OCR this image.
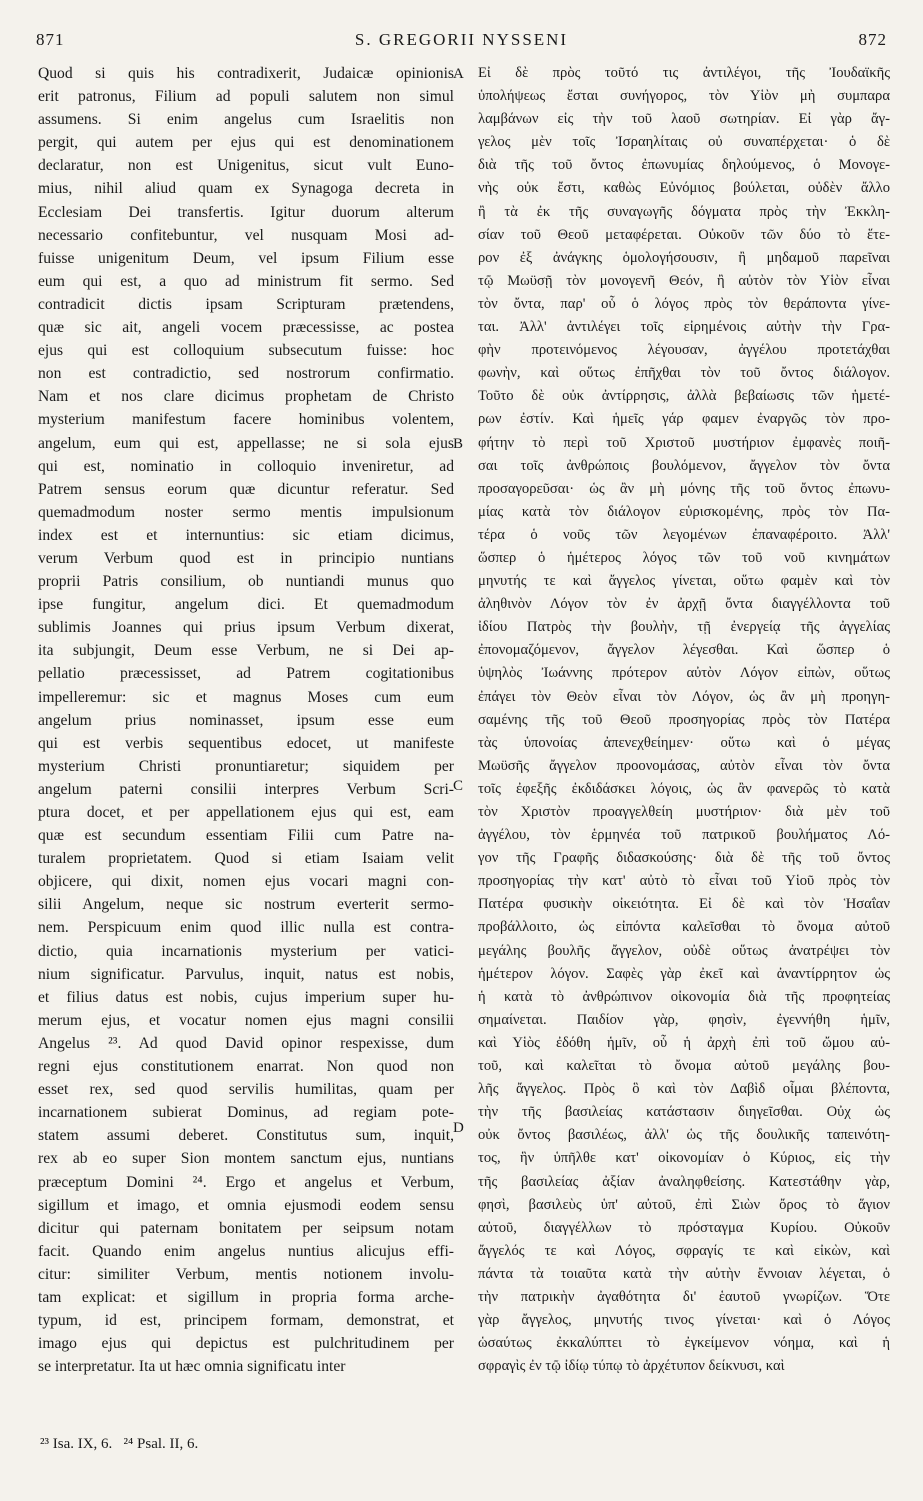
871	S. GREGORII NYSSENI	872
Quod si quis his contradixerit, Judaicæ opinionis
erit patronus, Filium ad populi salutem non simul
assumens. Si enim angelus cum Israelitis non
pergit, qui autem per ejus qui est denominationem
declaratur, non est Unigenitus, sicut vult Euno-
mius, nihil aliud quam ex Synagoga decreta in
Ecclesiam Dei transfertis. Igitur duorum alterum
necessario confitebuntur, vel nusquam Mosi ad-
fuisse unigenitum Deum, vel ipsum Filium esse
eum qui est, a quo ad ministrum fit sermo. Sed
contradicit dictis ipsam Scripturam prætendens,
quæ sic ait, angeli vocem præcessisse, ac postea
ejus qui est colloquium subsecutum fuisse: hoc
non est contradictio, sed nostrorum confirmatio.
Nam et nos clare dicimus prophetam de Christo
mysterium manifestum facere hominibus volentem,
angelum, eum qui est, appellasse; ne si sola ejus
qui est, nominatio in colloquio inveniretur, ad
Patrem sensus eorum quæ dicuntur referatur. Sed
quemadmodum noster sermo mentis impulsionum
index est et internuntius: sic etiam dicimus,
verum Verbum quod est in principio nuntians
proprii Patris consilium, ob nuntiandi munus quo
ipse fungitur, angelum dici. Et quemadmodum
sublimis Joannes qui prius ipsum Verbum dixerat,
ita subjungit, Deum esse Verbum, ne si Dei ap-
pellatio præcessisset, ad Patrem cogitationibus
impelleremur: sic et magnus Moses cum eum
angelum prius nominasset, ipsum esse eum
qui est verbis sequentibus edocet, ut manifeste
mysterium Christi pronuntiaretur; siquidem per
angelum paterni consilii interpres Verbum Scri-
ptura docet, et per appellationem ejus qui est, eam
quæ est secundum essentiam Filii cum Patre na-
turalem proprietatem. Quod si etiam Isaiam velit
objicere, qui dixit, nomen ejus vocari magni con-
silii Angelum, neque sic nostrum everterit sermo-
nem. Perspicuum enim quod illic nulla est contra-
dictio, quia incarnationis mysterium per vatici-
nium significatur. Parvulus, inquit, natus est nobis,
et filius datus est nobis, cujus imperium super hu-
merum ejus, et vocatur nomen ejus magni consilii
Angelus ²³. Ad quod David opinor respexisse, dum
regni ejus constitutionem enarrat. Non quod non
esset rex, sed quod servilis humilitas, quam per
incarnationem subierat Dominus, ad regiam pote-
statem assumi deberet. Constitutus sum, inquit,
rex ab eo super Sion montem sanctum ejus, nuntians
præceptum Domini ²⁴. Ergo et angelus et Verbum,
sigillum et imago, et omnia ejusmodi eodem sensu
dicitur qui paternam bonitatem per seipsum notam
facit. Quando enim angelus nuntius alicujus effi-
citur: similiter Verbum, mentis notionem involu-
tam explicat: et sigillum in propria forma arche-
typum, id est, principem formam, demonstrat, et
imago ejus qui depictus est pulchritudinem per
se interpretatur. Ita ut hæc omnia significatu inter
Εἰ δὲ πρὸς τοῦτό τις ἀντιλέγοι, τῆς Ἰουδαϊκῆς
ὑπολήψεως ἔσται συνήγορος, τὸν Υἱὸν μὴ συμπαρα
λαμβάνων εἰς τὴν τοῦ λαοῦ σωτηρίαν. Εἰ γὰρ ἄγ-
γελος μὲν τοῖς Ἰσραηλίταις οὐ συναπέρχεται· ὁ δὲ
διὰ τῆς τοῦ ὄντος ἐπωνυμίας δηλούμενος, ὁ Μονογε-
νὴς οὐκ ἔστι, καθὼς Εὐνόμιος βούλεται, οὐδὲν ἄλλο
ἢ τὰ ἐκ τῆς συναγωγῆς δόγματα πρὸς τὴν Ἐκκλη-
σίαν τοῦ Θεοῦ μεταφέρεται. Οὐκοῦν τῶν δύο τὸ ἕτε-
ρον ἐξ ἀνάγκης ὁμολογήσουσιν, ἢ μηδαμοῦ παρεῖναι
τῷ Μωϋσῇ τὸν μονογενῆ Θεόν, ἢ αὐτὸν τὸν Υἱὸν εἶναι
τὸν ὄντα, παρ' οὗ ὁ λόγος πρὸς τὸν θεράποντα γίνε-
ται. Ἀλλ' ἀντιλέγει τοῖς εἰρημένοις αὐτὴν τὴν Γρα-
φὴν προτεινόμενος λέγουσαν, ἀγγέλου προτετάχθαι
φωνὴν, καὶ οὕτως ἐπῆχθαι τὸν τοῦ ὄντος διάλογον.
Τοῦτο δὲ οὐκ ἀντίρρησις, ἀλλὰ βεβαίωσις τῶν ἡμετέ-
ρων ἐστίν. Καὶ ἡμεῖς γάρ φαμεν ἐναργῶς τὸν προ-
φήτην τὸ περὶ τοῦ Χριστοῦ μυστήριον ἐμφανὲς ποιῆ-
σαι τοῖς ἀνθρώποις βουλόμενον, ἄγγελον τὸν ὄντα
προσαγορεῦσαι· ὡς ἂν μὴ μόνης τῆς τοῦ ὄντος ἐπωνυ-
μίας κατὰ τὸν διάλογον εὑρισκομένης, πρὸς τὸν Πα-
τέρα ὁ νοῦς τῶν λεγομένων ἐπαναφέροιτο. Ἀλλ'
ὥσπερ ὁ ἡμέτερος λόγος τῶν τοῦ νοῦ κινημάτων
μηνυτής τε καὶ ἄγγελος γίνεται, οὕτω φαμὲν καὶ τὸν
ἀληθινὸν Λόγον τὸν ἐν ἀρχῇ ὄντα διαγγέλλοντα τοῦ
ἰδίου Πατρὸς τὴν βουλὴν, τῇ ἐνεργείᾳ τῆς ἀγγελίας
ἐπονομαζόμενον, ἄγγελον λέγεσθαι. Καὶ ὥσπερ ὁ
ὑψηλὸς Ἰωάννης πρότερον αὐτὸν Λόγον εἰπὼν, οὕτως
ἐπάγει τὸν Θεὸν εἶναι τὸν Λόγον, ὡς ἂν μὴ προηγη-
σαμένης τῆς τοῦ Θεοῦ προσηγορίας πρὸς τὸν Πατέρα
τὰς ὑπονοίας ἀπενεχθείημεν· οὕτω καὶ ὁ μέγας
Μωϋσῆς ἄγγελον προονομάσας, αὐτὸν εἶναι τὸν ὄντα
τοῖς ἐφεξῆς ἐκδιδάσκει λόγοις, ὡς ἂν φανερῶς τὸ κατὰ
τὸν Χριστὸν προαγγελθείη μυστήριον· διὰ μὲν τοῦ
ἀγγέλου, τὸν ἑρμηνέα τοῦ πατρικοῦ βουλήματος Λό-
γον τῆς Γραφῆς διδασκούσης· διὰ δὲ τῆς τοῦ ὄντος
προσηγορίας τὴν κατ' αὐτὸ τὸ εἶναι τοῦ Υἱοῦ πρὸς τὸν
Πατέρα φυσικὴν οἰκειότητα. Εἰ δὲ καὶ τὸν Ἡσαΐαν
προβάλλοιτο, ὡς εἰπόντα καλεῖσθαι τὸ ὄνομα αὐτοῦ
μεγάλης βουλῆς ἄγγελον, οὐδὲ οὕτως ἀνατρέψει τὸν
ἡμέτερον λόγον. Σαφὲς γὰρ ἐκεῖ καὶ ἀναντίρρητον ὡς
ἡ κατὰ τὸ ἀνθρώπινον οἰκονομία διὰ τῆς προφητείας
σημαίνεται. Παιδίον γὰρ, φησὶν, ἐγεννήθη ἡμῖν,
καὶ Υἱὸς ἐδόθη ἡμῖν, οὗ ἡ ἀρχὴ ἐπὶ τοῦ ὤμου αὐ-
τοῦ, καὶ καλεῖται τὸ ὄνομα αὐτοῦ μεγάλης βου-
λῆς ἄγγελος. Πρὸς ὃ καὶ τὸν Δαβὶδ οἶμαι βλέποντα,
τὴν τῆς βασιλείας κατάστασιν διηγεῖσθαι. Οὐχ ὡς
οὐκ ὄντος βασιλέως, ἀλλ' ὡς τῆς δουλικῆς ταπεινότη-
τος, ἣν ὑπῆλθε κατ' οἰκονομίαν ὁ Κύριος, εἰς τὴν
τῆς βασιλείας ἀξίαν ἀναληφθείσης. Κατεστάθην γὰρ,
φησὶ, βασιλεὺς ὑπ' αὐτοῦ, ἐπὶ Σιὼν ὄρος τὸ ἅγιον
αὐτοῦ, διαγγέλλων τὸ πρόσταγμα Κυρίου. Οὐκοῦν
ἄγγελός τε καὶ Λόγος, σφραγίς τε καὶ εἰκὼν, καὶ
πάντα τὰ τοιαῦτα κατὰ τὴν αὐτὴν ἔννοιαν λέγεται, ὁ
τὴν πατρικὴν ἀγαθότητα δι' ἑαυτοῦ γνωρίζων. Ὅτε
γὰρ ἄγγελος, μηνυτής τινος γίνεται· καὶ ὁ Λόγος
ὡσαύτως ἐκκαλύπτει τὸ ἐγκείμενον νόημα, καὶ ἡ
σφραγὶς ἐν τῷ ἰδίῳ τύπῳ τὸ ἀρχέτυπον δείκνυσι, καὶ
A
B
C
D
²³ Isa. IX, 6.   ²⁴ Psal. II, 6.
